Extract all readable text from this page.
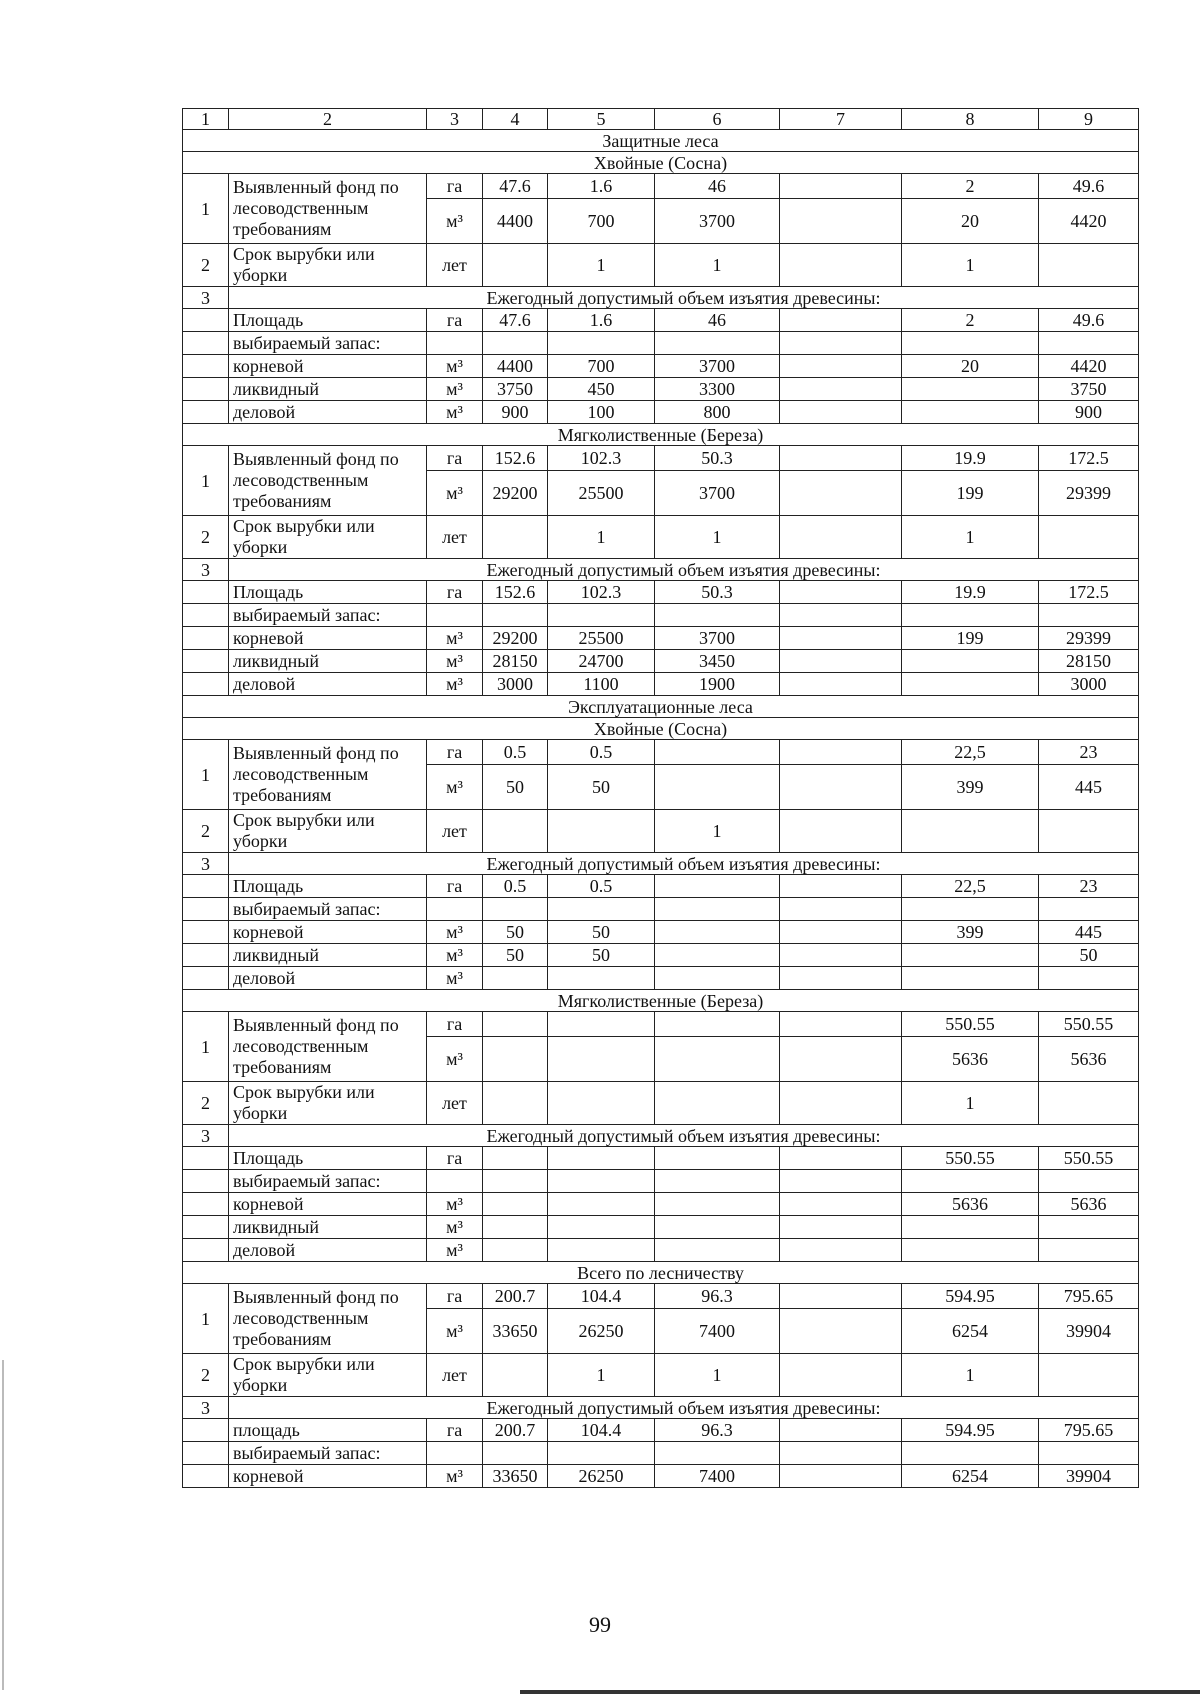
1	2	3	4	5	6	7	8	9
Защитные леса								
Хвойные (Сосна)								
1	Выявленный фонд по лесоводственным требованиям	га	47.6	1.6	46		2	49.6
		м³	4400	700	3700		20	4420
2	Срок вырубки или уборки	лет		1	1		1	
3	Ежегодный допустимый объем изъятия древесины:							
	Площадь	га	47.6	1.6	46		2	49.6
	выбираемый запас:							
	корневой	м³	4400	700	3700		20	4420
	ликвидный	м³	3750	450	3300			3750
	деловой	м³	900	100	800			900
Мягколиственные (Береза)								
1	Выявленный фонд по лесоводственным требованиям	га	152.6	102.3	50.3		19.9	172.5
		м³	29200	25500	3700		199	29399
2	Срок вырубки или уборки	лет		1	1		1	
3	Ежегодный допустимый объем изъятия древесины:							
	Площадь	га	152.6	102.3	50.3		19.9	172.5
	выбираемый запас:							
	корневой	м³	29200	25500	3700		199	29399
	ликвидный	м³	28150	24700	3450			28150
	деловой	м³	3000	1100	1900			3000
Эксплуатационные леса								
Хвойные (Сосна)								
1	Выявленный фонд по лесоводственным требованиям	га	0.5	0.5			22,5	23
		м³	50	50			399	445
2	Срок вырубки или уборки	лет			1			
3	Ежегодный допустимый объем изъятия древесины:							
	Площадь	га	0.5	0.5			22,5	23
	выбираемый запас:							
	корневой	м³	50	50			399	445
	ликвидный	м³	50	50				50
	деловой	м³						
Мягколиственные (Береза)								
1	Выявленный фонд по лесоводственным требованиям	га					550.55	550.55
		м³					5636	5636
2	Срок вырубки или уборки	лет					1	
3	Ежегодный допустимый объем изъятия древесины:							
	Площадь	га					550.55	550.55
	выбираемый запас:							
	корневой	м³					5636	5636
	ликвидный	м³						
	деловой	м³						
Всего по лесничеству								
1	Выявленный фонд по лесоводственным требованиям	га	200.7	104.4	96.3		594.95	795.65
		м³	33650	26250	7400		6254	39904
2	Срок вырубки или уборки	лет		1	1		1	
3	Ежегодный допустимый объем изъятия древесины:							
	площадь	га	200.7	104.4	96.3		594.95	795.65
	выбираемый запас:							
	корневой	м³	33650	26250	7400		6254	39904
99
